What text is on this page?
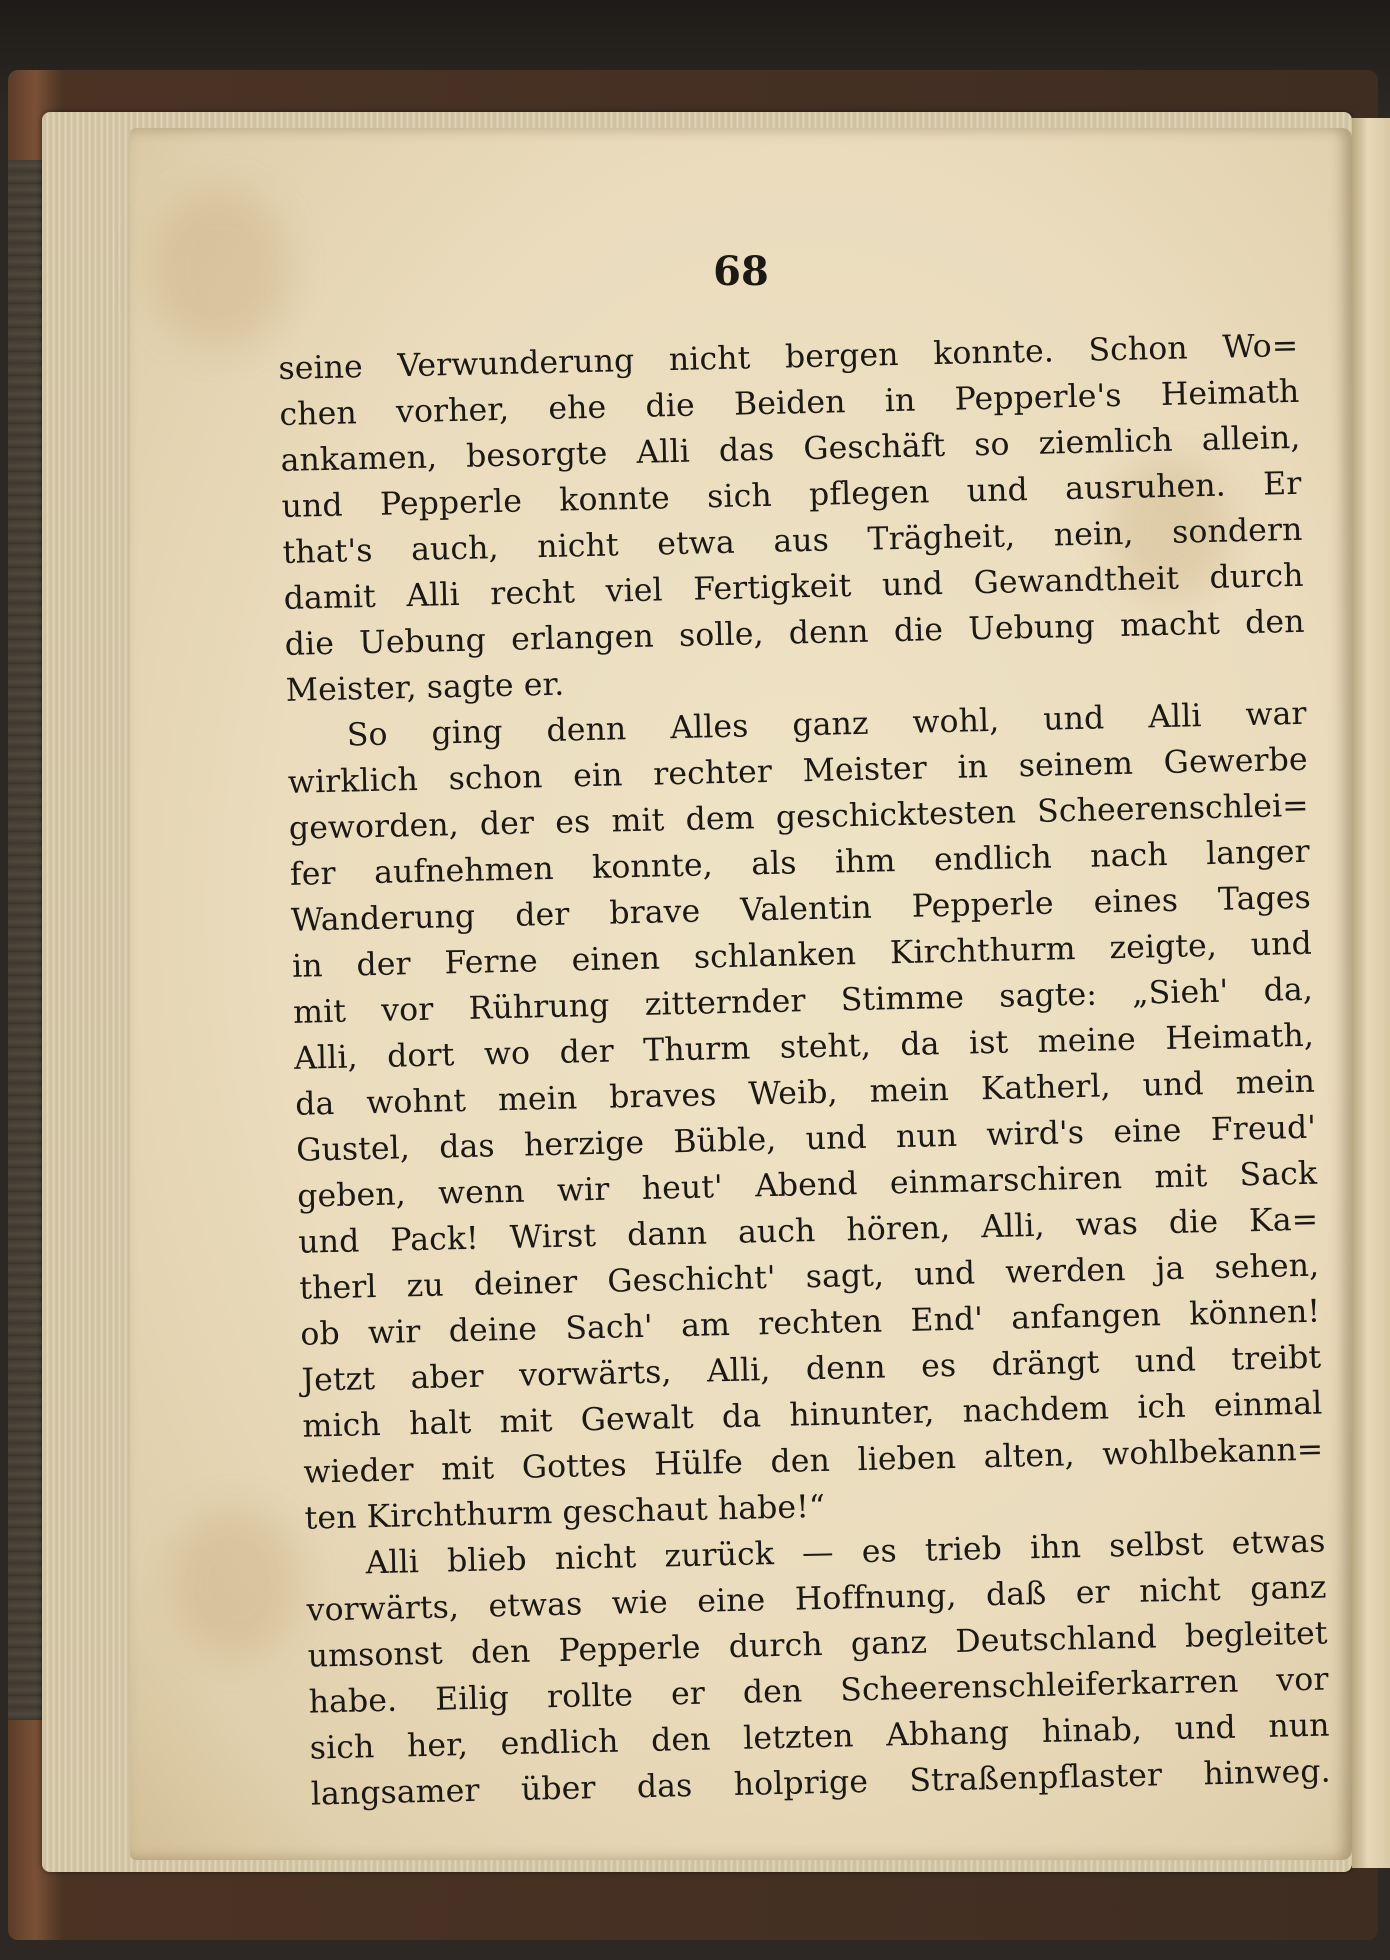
68
seine Verwunderung nicht bergen konnte. Schon Wo=
chen vorher, ehe die Beiden in Pepperle's Heimath
ankamen, besorgte Alli das Geschäft so ziemlich allein,
und Pepperle konnte sich pflegen und ausruhen. Er
that's auch, nicht etwa aus Trägheit, nein, sondern
damit Alli recht viel Fertigkeit und Gewandtheit durch
die Uebung erlangen solle, denn die Uebung macht den
Meister, sagte er.
So ging denn Alles ganz wohl, und Alli war
wirklich schon ein rechter Meister in seinem Gewerbe
geworden, der es mit dem geschicktesten Scheerenschlei=
fer aufnehmen konnte, als ihm endlich nach langer
Wanderung der brave Valentin Pepperle eines Tages
in der Ferne einen schlanken Kirchthurm zeigte, und
mit vor Rührung zitternder Stimme sagte: „Sieh' da,
Alli, dort wo der Thurm steht, da ist meine Heimath,
da wohnt mein braves Weib, mein Katherl, und mein
Gustel, das herzige Büble, und nun wird's eine Freud'
geben, wenn wir heut' Abend einmarschiren mit Sack
und Pack! Wirst dann auch hören, Alli, was die Ka=
therl zu deiner Geschicht' sagt, und werden ja sehen,
ob wir deine Sach' am rechten End' anfangen können!
Jetzt aber vorwärts, Alli, denn es drängt und treibt
mich halt mit Gewalt da hinunter, nachdem ich einmal
wieder mit Gottes Hülfe den lieben alten, wohlbekann=
ten Kirchthurm geschaut habe!“
Alli blieb nicht zurück — es trieb ihn selbst etwas
vorwärts, etwas wie eine Hoffnung, daß er nicht ganz
umsonst den Pepperle durch ganz Deutschland begleitet
habe. Eilig rollte er den Scheerenschleiferkarren vor
sich her, endlich den letzten Abhang hinab, und nun
langsamer über das holprige Straßenpflaster hinweg.
